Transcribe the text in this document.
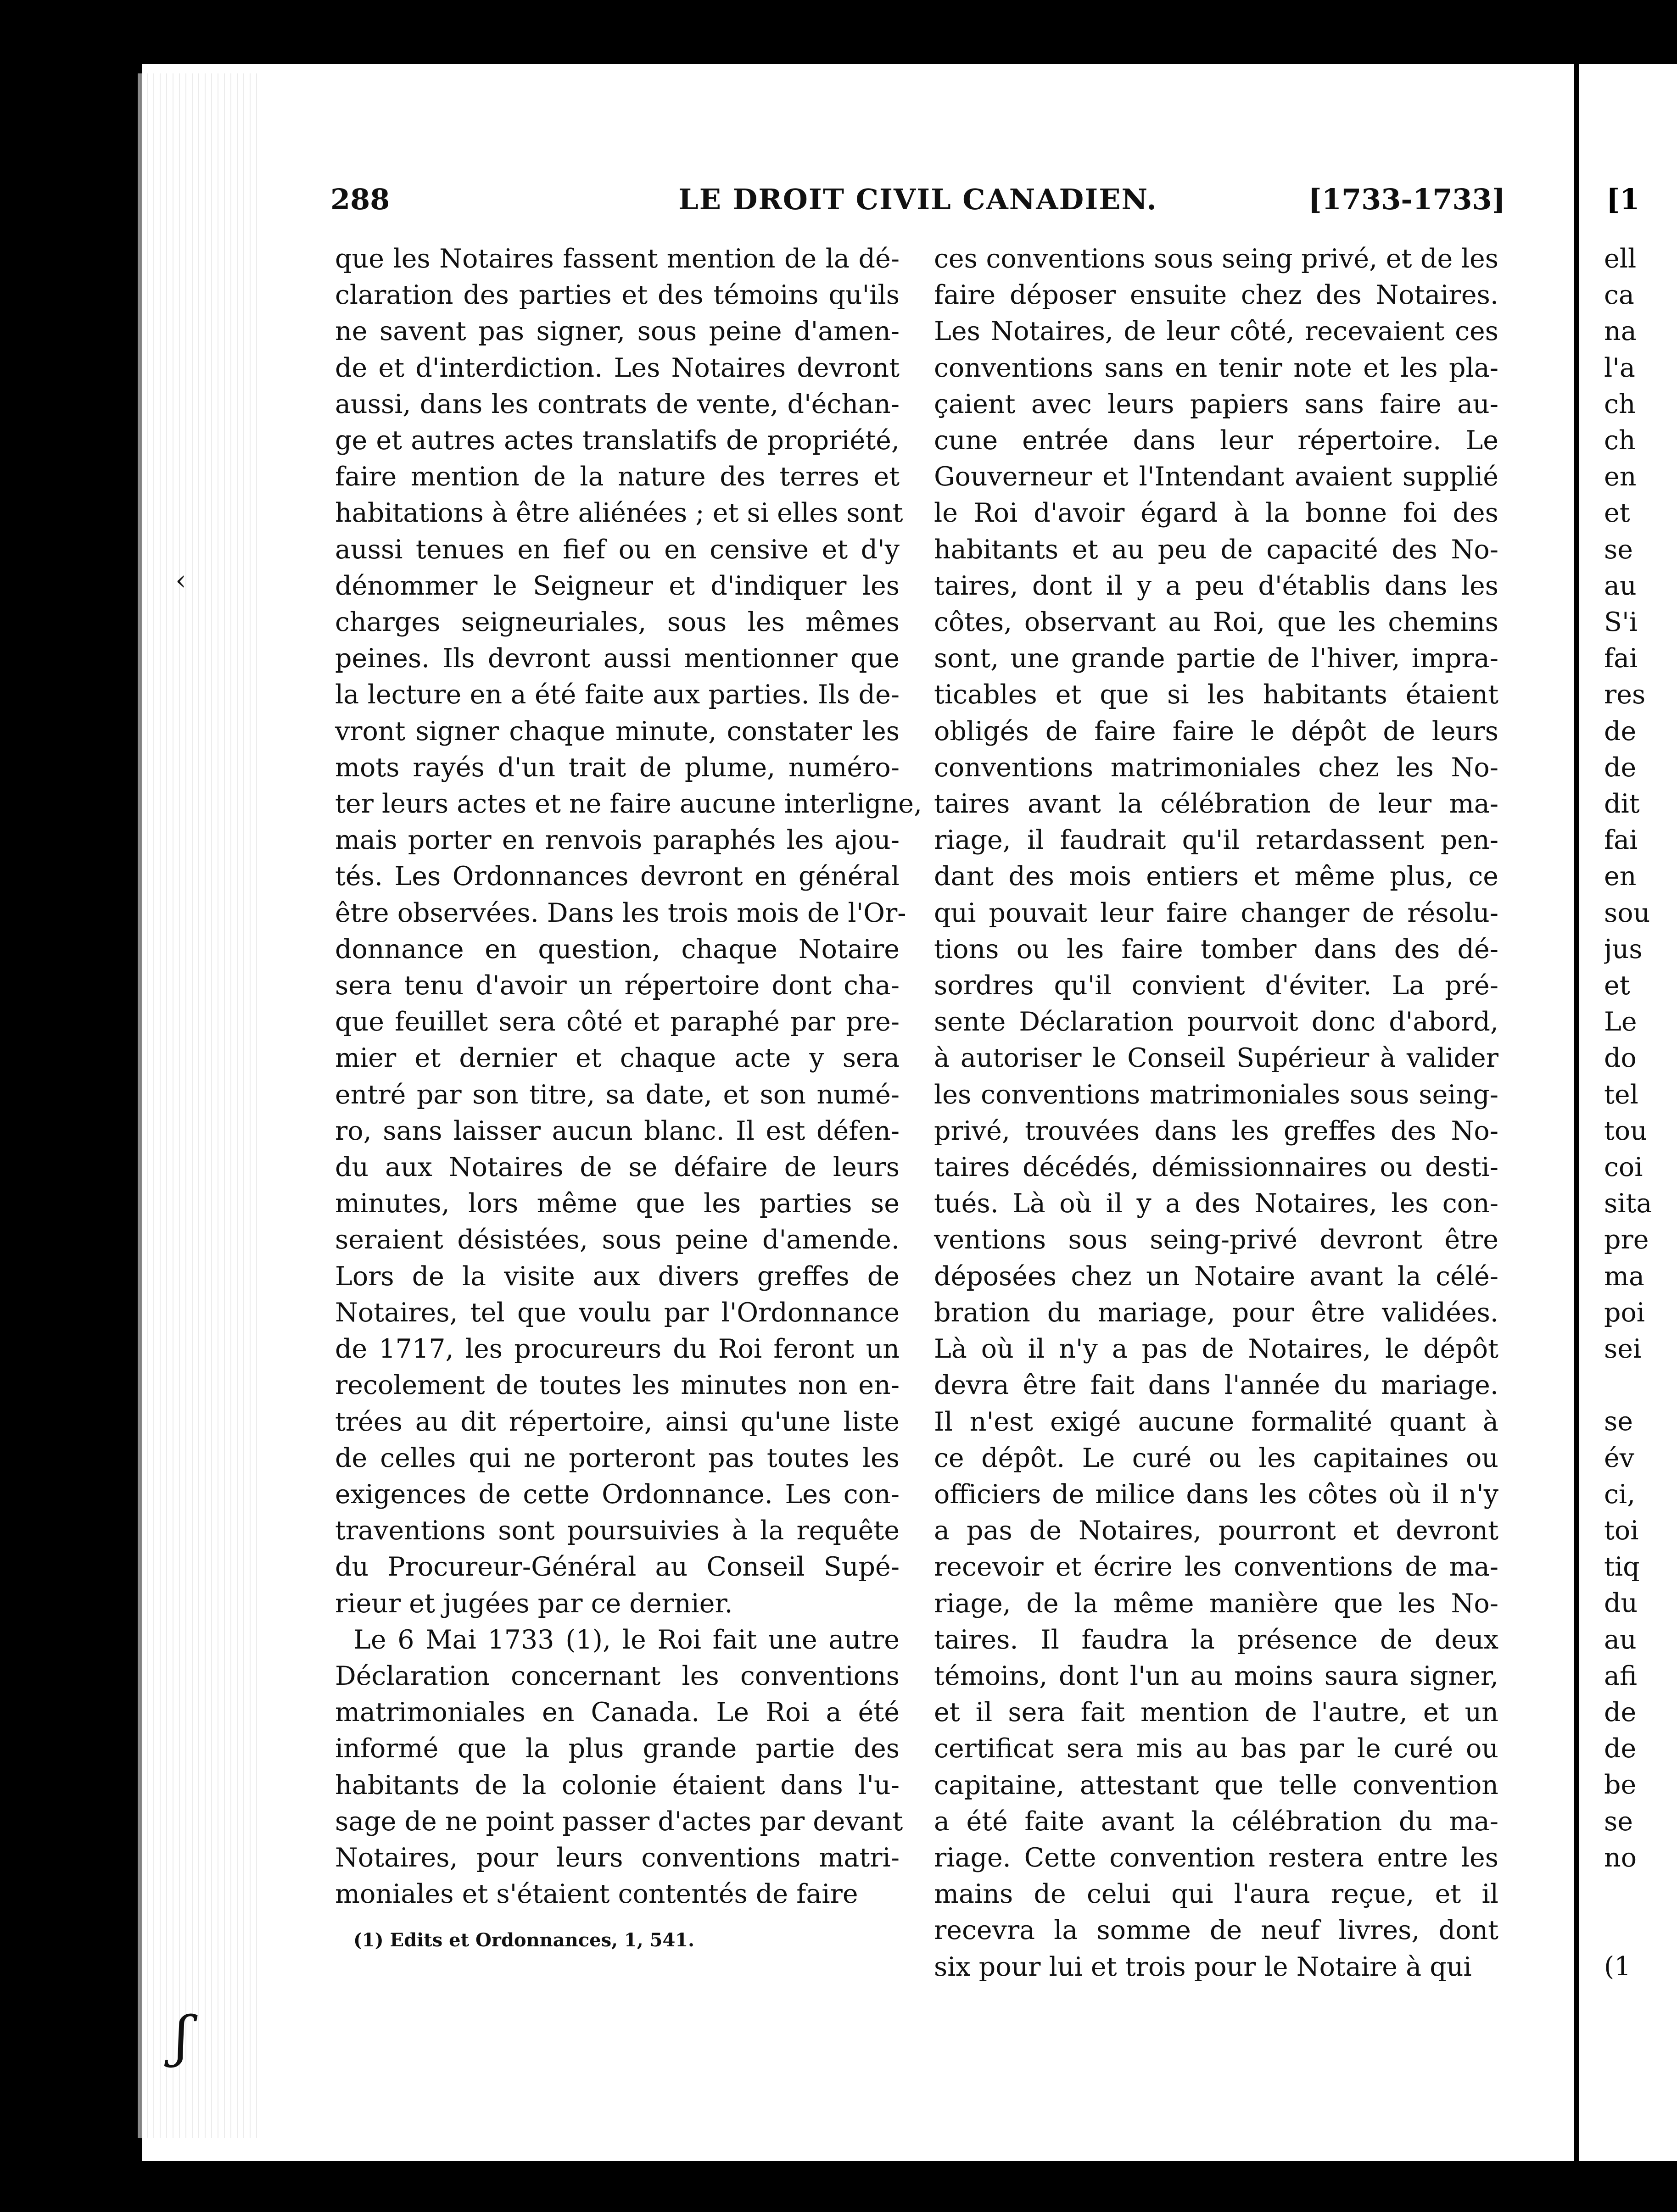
288	LE DROIT CIVIL CANADIEN.	[1733-1733]
que les Notaires fassent mention de la dé-
claration des parties et des témoins qu'ils
ne savent pas signer, sous peine d'amen-
de et d'interdiction. Les Notaires devront
aussi, dans les contrats de vente, d'échan-
ge et autres actes translatifs de propriété,
faire mention de la nature des terres et
habitations à être aliénées ; et si elles sont
aussi tenues en fief ou en censive et d'y
dénommer le Seigneur et d'indiquer les
charges seigneuriales, sous les mêmes
peines. Ils devront aussi mentionner que
la lecture en a été faite aux parties. Ils de-
vront signer chaque minute, constater les
mots rayés d'un trait de plume, numéro-
ter leurs actes et ne faire aucune interligne,
mais porter en renvois paraphés les ajou-
tés. Les Ordonnances devront en général
être observées. Dans les trois mois de l'Or-
donnance en question, chaque Notaire
sera tenu d'avoir un répertoire dont cha-
que feuillet sera côté et paraphé par pre-
mier et dernier et chaque acte y sera
entré par son titre, sa date, et son numé-
ro, sans laisser aucun blanc. Il est défen-
du aux Notaires de se défaire de leurs
minutes, lors même que les parties se
seraient désistées, sous peine d'amende.
Lors de la visite aux divers greffes de
Notaires, tel que voulu par l'Ordonnance
de 1717, les procureurs du Roi feront un
recolement de toutes les minutes non en-
trées au dit répertoire, ainsi qu'une liste
de celles qui ne porteront pas toutes les
exigences de cette Ordonnance. Les con-
traventions sont poursuivies à la requête
du Procureur-Général au Conseil Supé-
rieur et jugées par ce dernier.
Le 6 Mai 1733 (1), le Roi fait une autre
Déclaration concernant les conventions
matrimoniales en Canada. Le Roi a été
informé que la plus grande partie des
habitants de la colonie étaient dans l'u-
sage de ne point passer d'actes par devant
Notaires, pour leurs conventions matri-
moniales et s'étaient contentés de faire
ces conventions sous seing privé, et de les
faire déposer ensuite chez des Notaires.
Les Notaires, de leur côté, recevaient ces
conventions sans en tenir note et les pla-
çaient avec leurs papiers sans faire au-
cune entrée dans leur répertoire. Le
Gouverneur et l'Intendant avaient supplié
le Roi d'avoir égard à la bonne foi des
habitants et au peu de capacité des No-
taires, dont il y a peu d'établis dans les
côtes, observant au Roi, que les chemins
sont, une grande partie de l'hiver, impra-
ticables et que si les habitants étaient
obligés de faire faire le dépôt de leurs
conventions matrimoniales chez les No-
taires avant la célébration de leur ma-
riage, il faudrait qu'il retardassent pen-
dant des mois entiers et même plus, ce
qui pouvait leur faire changer de résolu-
tions ou les faire tomber dans des dé-
sordres qu'il convient d'éviter. La pré-
sente Déclaration pourvoit donc d'abord,
à autoriser le Conseil Supérieur à valider
les conventions matrimoniales sous seing-
privé, trouvées dans les greffes des No-
taires décédés, démissionnaires ou desti-
tués. Là où il y a des Notaires, les con-
ventions sous seing-privé devront être
déposées chez un Notaire avant la célé-
bration du mariage, pour être validées.
Là où il n'y a pas de Notaires, le dépôt
devra être fait dans l'année du mariage.
Il n'est exigé aucune formalité quant à
ce dépôt. Le curé ou les capitaines ou
officiers de milice dans les côtes où il n'y
a pas de Notaires, pourront et devront
recevoir et écrire les conventions de ma-
riage, de la même manière que les No-
taires. Il faudra la présence de deux
témoins, dont l'un au moins saura signer,
et il sera fait mention de l'autre, et un
certificat sera mis au bas par le curé ou
capitaine, attestant que telle convention
a été faite avant la célébration du ma-
riage. Cette convention restera entre les
mains de celui qui l'aura reçue, et il
recevra la somme de neuf livres, dont
six pour lui et trois pour le Notaire à qui
(1) Edits et Ordonnances, 1, 541.
[1
ell
ca
na
l'a
ch
ch
en
et
se
au
S'i
fai
res
de
de
dit
fai
en
sou
jus
et
Le
do
tel
tou
coi
sita
pre
ma
poi
sei
se
év
ci,
toi
tiq
du
au
afi
de
de
be
se
no
(1
‹
ʃ
